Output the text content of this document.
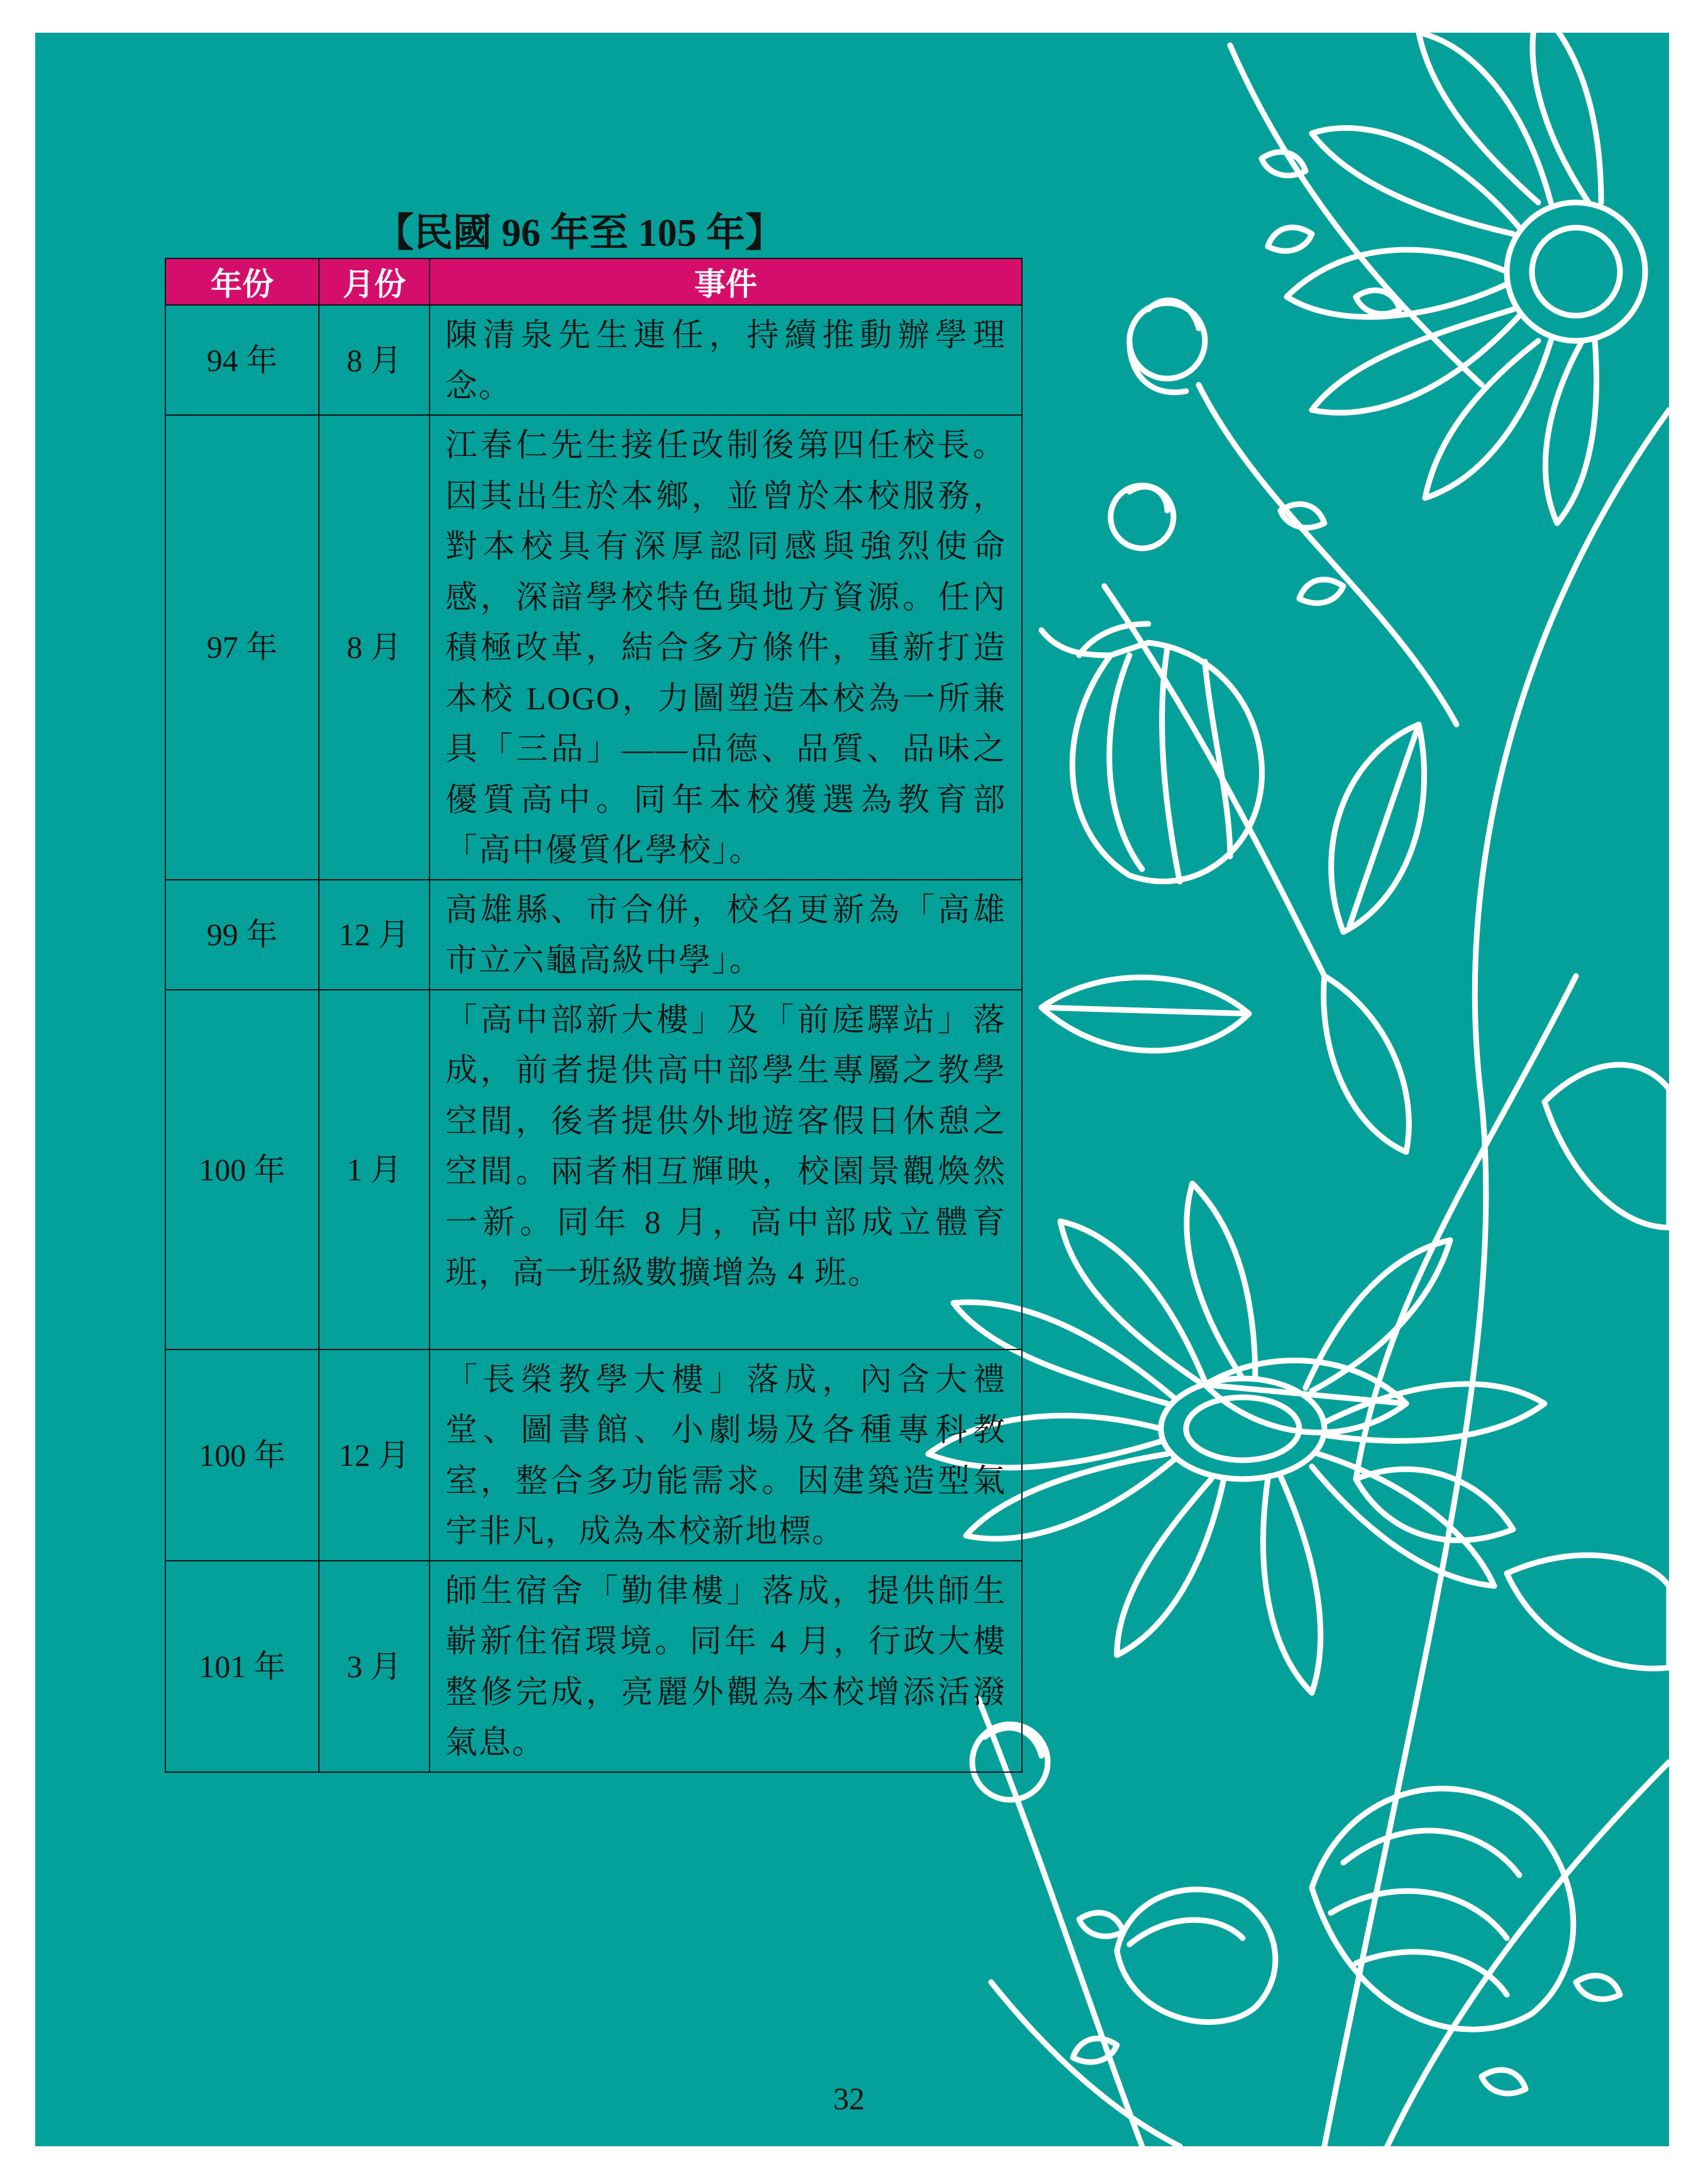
【民國 96 年至 105 年】
年份	月份	事件
94 年	8 月	陳清泉先生連任，持續推動辦學理念。
97 年	8 月	江春仁先生接任改制後第四任校長。因其出生於本鄉，並曾於本校服務，對本校具有深厚認同感與強烈使命感，深諳學校特色與地方資源。任內積極改革，結合多方條件，重新打造本校 LOGO，力圖塑造本校為一所兼具「三品」——品德、品質、品味之優質高中。同年本校獲選為教育部「高中優質化學校」。
99 年	12 月	高雄縣、市合併，校名更新為「高雄市立六龜高級中學」。
100 年	1 月	「高中部新大樓」及「前庭驛站」落成，前者提供高中部學生專屬之教學空間，後者提供外地遊客假日休憩之空間。兩者相互輝映，校園景觀煥然一新。同年 8 月，高中部成立體育班，高一班級數擴增為 4 班。
100 年	12 月	「長榮教學大樓」落成，內含大禮堂、圖書館、小劇場及各種專科教室，整合多功能需求。因建築造型氣宇非凡，成為本校新地標。
101 年	3 月	師生宿舍「勤律樓」落成，提供師生嶄新住宿環境。同年 4 月，行政大樓整修完成，亮麗外觀為本校增添活潑氣息。
32
